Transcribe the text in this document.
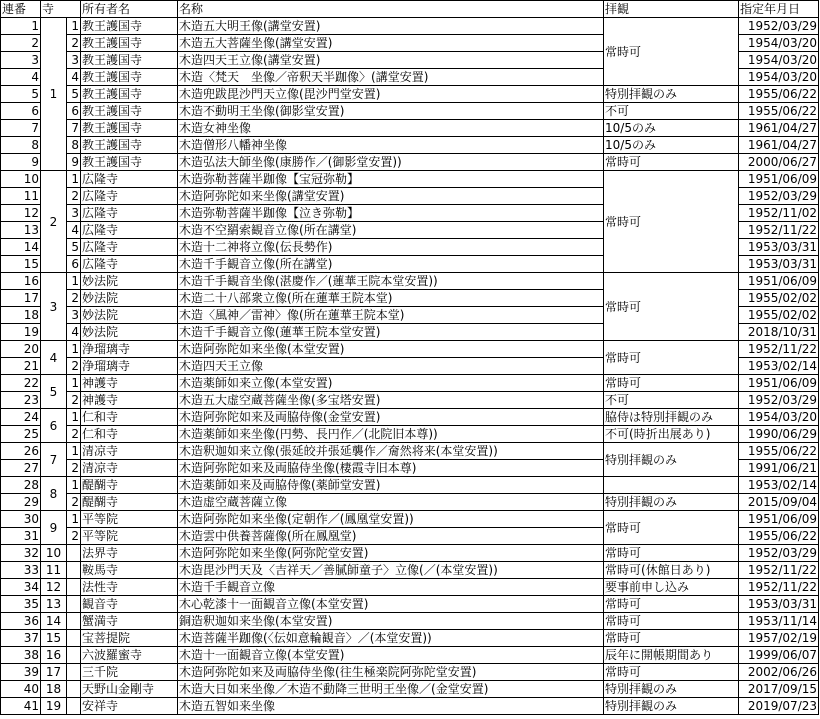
連番	寺		所有者名	名称	拝観	指定年月日
1	1	1	教王護国寺	木造五大明王像(講堂安置)	常時可	1952/03/29
2		2	教王護国寺	木造五大菩薩坐像(講堂安置)		1954/03/20
3		3	教王護国寺	木造四天王立像(講堂安置)		1954/03/20
4		4	教王護国寺	木造〈梵天　坐像／帝釈天半跏像〉(講堂安置)		1954/03/20
5		5	教王護国寺	木造兜跋毘沙門天立像(毘沙門堂安置)	特別拝観のみ	1955/06/22
6		6	教王護国寺	木造不動明王坐像(御影堂安置)	不可	1955/06/22
7		7	教王護国寺	木造女神坐像	10/5のみ	1961/04/27
8		8	教王護国寺	木造僧形八幡神坐像	10/5のみ	1961/04/27
9		9	教王護国寺	木造弘法大師坐像(康勝作／(御影堂安置))	常時可	2000/06/27
10	2	1	広隆寺	木造弥勒菩薩半跏像【宝冠弥勒】	常時可	1951/06/09
11		2	広隆寺	木造阿弥陀如来坐像(講堂安置)		1952/03/29
12		3	広隆寺	木造弥勒菩薩半跏像【泣き弥勒】		1952/11/02
13		4	広隆寺	木造不空羂索観音立像(所在講堂)		1952/11/22
14		5	広隆寺	木造十二神将立像(伝長勢作)		1953/03/31
15		6	広隆寺	木造千手観音立像(所在講堂)		1953/03/31
16	3	1	妙法院	木造千手観音坐像(湛慶作／(蓮華王院本堂安置))	常時可	1951/06/09
17		2	妙法院	木造二十八部衆立像(所在蓮華王院本堂)		1955/02/02
18		3	妙法院	木造〈風神／雷神〉像(所在蓮華王院本堂)		1955/02/02
19		4	妙法院	木造千手観音立像(蓮華王院本堂安置)		2018/10/31
20	4	1	浄瑠璃寺	木造阿弥陀如来坐像(本堂安置)	常時可	1952/11/22
21		2	浄瑠璃寺	木造四天王立像		1953/02/14
22	5	1	神護寺	木造薬師如来立像(本堂安置)	常時可	1951/06/09
23		2	神護寺	木造五大虚空蔵菩薩坐像(多宝塔安置)	不可	1952/03/29
24	6	1	仁和寺	木造阿弥陀如来及両脇侍像(金堂安置)	脇侍は特別拝観のみ	1954/03/20
25		2	仁和寺	木造薬師如来坐像(円勢、長円作／(北院旧本尊))	不可(時折出展あり)	1990/06/29
26	7	1	清凉寺	木造釈迦如来立像(張延皎并張延襲作／奝然将来(本堂安置))	特別拝観のみ	1955/06/22
27		2	清凉寺	木造阿弥陀如来及両脇侍坐像(棲霞寺旧本尊)		1991/06/21
28	8	1	醍醐寺	木造薬師如来及両脇侍像(薬師堂安置)		1953/02/14
29		2	醍醐寺	木造虚空蔵菩薩立像	特別拝観のみ	2015/09/04
30	9	1	平等院	木造阿弥陀如来坐像(定朝作／(鳳凰堂安置))	常時可	1951/06/09
31		2	平等院	木造雲中供養菩薩像(所在鳳凰堂)		1955/06/22
32	10		法界寺	木造阿弥陀如来坐像(阿弥陀堂安置)	常時可	1952/03/29
33	11		鞍馬寺	木造毘沙門天及〈吉祥天／善膩師童子〉立像(／(本堂安置))	常時可(休館日あり)	1952/11/22
34	12		法性寺	木造千手観音立像	要事前申し込み	1952/11/22
35	13		観音寺	木心乾漆十一面観音立像(本堂安置)	常時可	1953/03/31
36	14		蟹満寺	銅造釈迦如来坐像(本堂安置)	常時可	1953/11/14
37	15		宝菩提院	木造菩薩半跏像(〈伝如意輪観音〉／(本堂安置))	常時可	1957/02/19
38	16		六波羅蜜寺	木造十一面観音立像(本堂安置)	辰年に開帳期間あり	1999/06/07
39	17		三千院	木造阿弥陀如来及両脇侍坐像(往生極楽院阿弥陀堂安置)	常時可	2002/06/26
40	18		天野山金剛寺	木造大日如来坐像／木造不動降三世明王坐像／(金堂安置)	特別拝観のみ	2017/09/15
41	19		安祥寺	木造五智如来坐像	特別拝観のみ	2019/07/23
